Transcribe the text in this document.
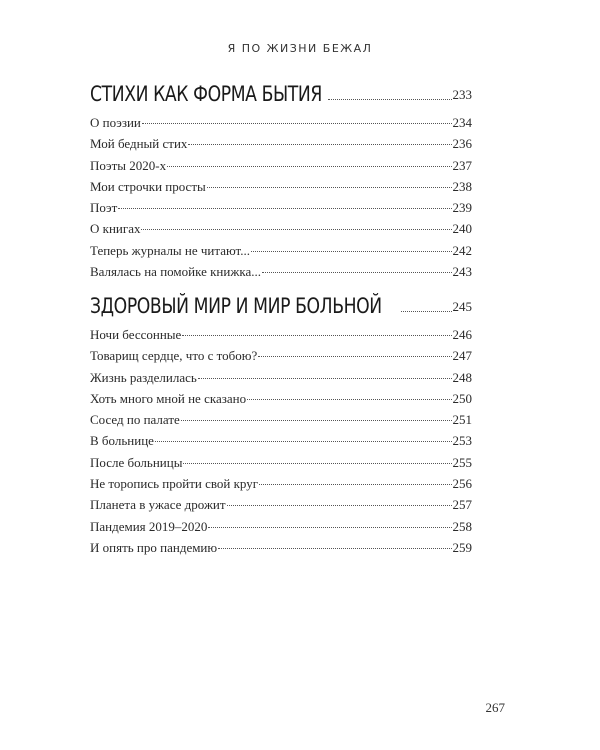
Я ПО ЖИЗНИ БЕЖАЛ
СТИХИ КАК ФОРМА БЫТИЯ	233
О поэзии	234
Мой бедный стих	236
Поэты 2020-х	237
Мои строчки просты	238
Поэт	239
О книгах	240
Теперь журналы не читают...	242
Валялась на помойке книжка...	243
ЗДОРОВЫЙ МИР И МИР БОЛЬНОЙ	245
Ночи бессонные	246
Товарищ сердце, что с тобою?	247
Жизнь разделилась	248
Хоть много мной не сказано	250
Сосед по палате	251
В больнице	253
После больницы	255
Не торопись пройти свой круг	256
Планета в ужасе дрожит	257
Пандемия 2019–2020	258
И опять про пандемию	259
267
